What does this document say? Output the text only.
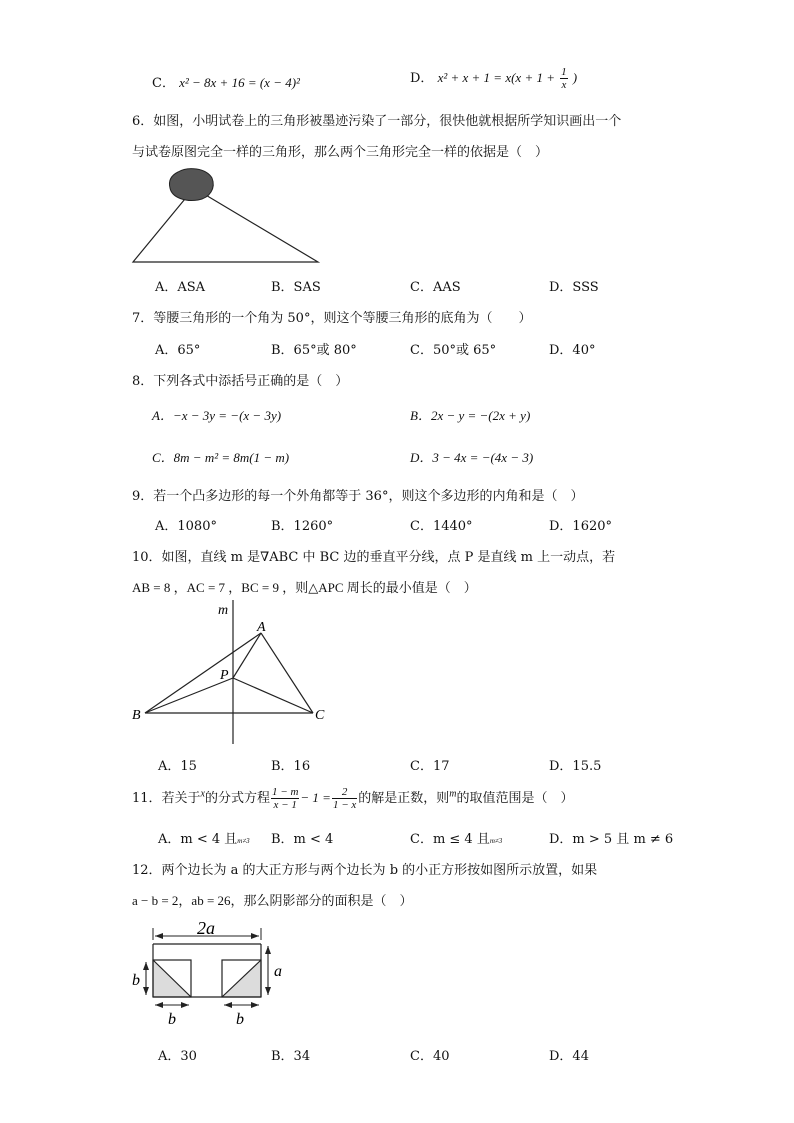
C． x² − 8x + 16 = (x − 4)²	D． $x^2 + x + 1 = x(x + 1 + \frac{1}{x}$ )
6．如图，小明试卷上的三角形被墨迹污染了一部分，很快他就根据所学知识画出一个
与试卷原图完全一样的三角形，那么两个三角形完全一样的依据是（　）
A．ASA	B．SAS	C．AAS	D．SSS
7．等腰三角形的一个角为 50°，则这个等腰三角形的底角为（　　）
A．65°	B．65°或 80°	C．50°或 65°	D．40°
8．下列各式中添括号正确的是（　）
A．−x − 3y = −(x − 3y)	B．2x − y = −(2x + y)
C．8m − m² = 8m(1 − m)	D．3 − 4x = −(4x − 3)
9．若一个凸多边形的每一个外角都等于 36°，则这个多边形的内角和是（　）
A．1080°	B．1260°	C．1440°	D．1620°
10．如图，直线 m 是∇ABC 中 BC 边的垂直平分线，点 P 是直线 m 上一动点，若
AB = 8 ，AC = 7 ，BC = 9 ，则△APC 周长的最小值是（　）
m
A
P
B	C
A．15	B．16	C．17	D．15.5
11．若关于$^x$的分式方程 $\frac{1 - m}{x - 1} - 1 = \frac{2}{1 - x}$ 的解是正数，则$^m$的取值范围是（　）
A．m < 4 且m≠3 B．m < 4	C．m ≤ 4 且m≠3	D．m > 5 且 m ≠ 6
12．两个边长为 a 的大正方形与两个边长为 b 的小正方形按如图所示放置，如果
a − b = 2，ab = 26，那么阴影部分的面积是（　）
2a
a
b
b	b
A．30	B．34	C．40	D．44
